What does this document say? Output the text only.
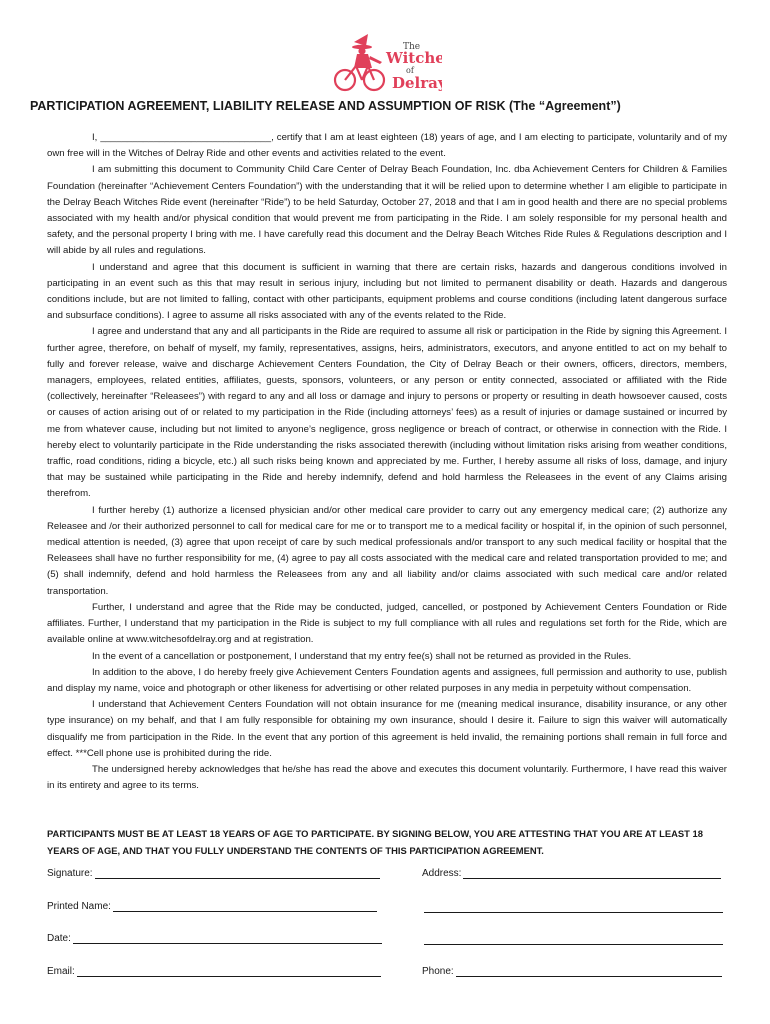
The
Witche
of
Delray
PARTICIPATION AGREEMENT, LIABILITY RELEASE AND ASSUMPTION OF RISK (The “Agreement”)

I, ________________________________, certify that I am at least eighteen (18) years of age, and I am electing to participate, voluntarily and of my own free will in the Witches of Delray Ride and other events and activities related to the event.

I am submitting this document to Community Child Care Center of Delray Beach Foundation, Inc. dba Achievement Centers for Children & Families Foundation (hereinafter “Achievement Centers Foundation”) with the understanding that it will be relied upon to determine whether I am eligible to participate in the Delray Beach Witches Ride event (hereinafter “Ride”) to be held Saturday, October 27, 2018 and that I am in good health and there are no special problems associated with my health and/or physical condition that would prevent me from participating in the Ride. I am solely responsible for my personal health and safety, and the personal property I bring with me. I have carefully read this document and the Delray Beach Witches Ride Rules & Regulations description and I will abide by all rules and regulations.

I understand and agree that this document is sufficient in warning that there are certain risks, hazards and dangerous conditions involved in participating in an event such as this that may result in serious injury, including but not limited to permanent disability or death. Hazards and dangerous conditions include, but are not limited to falling, contact with other participants, equipment problems and course conditions (including latent dangerous surface and subsurface conditions). I agree to assume all risks associated with any of the events related to the Ride.

I agree and understand that any and all participants in the Ride are required to assume all risk or participation in the Ride by signing this Agreement. I further agree, therefore, on behalf of myself, my family, representatives, assigns, heirs, administrators, executors, and anyone entitled to act on my behalf to fully and forever release, waive and discharge Achievement Centers Foundation, the City of Delray Beach or their owners, officers, directors, members, managers, employees, related entities, affiliates, guests, sponsors, volunteers, or any person or entity connected, associated or affiliated with the Ride (collectively, hereinafter “Releasees”) with regard to any and all loss or damage and injury to persons or property or resulting in death howsoever caused, costs or causes of action arising out of or related to my participation in the Ride (including attorneys’ fees) as a result of injuries or damage sustained or incurred by me from whatever cause, including but not limited to anyone’s negligence, gross negligence or breach of contract, or otherwise in connection with the Ride. I hereby elect to voluntarily participate in the Ride understanding the risks associated therewith (including without limitation risks arising from weather conditions, traffic, road conditions, riding a bicycle, etc.) all such risks being known and appreciated by me. Further, I hereby assume all risks of loss, damage, and injury that may be sustained while participating in the Ride and hereby indemnify, defend and hold harmless the Releasees in the event of any Claims arising therefrom.

I further hereby (1) authorize a licensed physician and/or other medical care provider to carry out any emergency medical care; (2) authorize any Releasee and /or their authorized personnel to call for medical care for me or to transport me to a medical facility or hospital if, in the opinion of such personnel, medical attention is needed, (3) agree that upon receipt of care by such medical professionals and/or transport to any such medical facility or hospital that the Releasees shall have no further responsibility for me, (4) agree to pay all costs associated with the medical care and related transportation provided to me; and (5) shall indemnify, defend and hold harmless the Releasees from any and all liability and/or claims associated with such medical care and/or related transportation.

Further, I understand and agree that the Ride may be conducted, judged, cancelled, or postponed by Achievement Centers Foundation or Ride affiliates. Further, I understand that my participation in the Ride is subject to my full compliance with all rules and regulations set forth for the Ride, which are available online at www.witchesofdelray.org and at registration.

In the event of a cancellation or postponement, I understand that my entry fee(s) shall not be returned as provided in the Rules.

In addition to the above, I do hereby freely give Achievement Centers Foundation agents and assignees, full permission and authority to use, publish and display my name, voice and photograph or other likeness for advertising or other related purposes in any media in perpetuity without compensation.

I understand that Achievement Centers Foundation will not obtain insurance for me (meaning medical insurance, disability insurance, or any other type insurance) on my behalf, and that I am fully responsible for obtaining my own insurance, should I desire it. Failure to sign this waiver will automatically disqualify me from participation in the Ride. In the event that any portion of this agreement is held invalid, the remaining portions shall remain in full force and effect. ***Cell phone use is prohibited during the ride.

The undersigned hereby acknowledges that he/she has read the above and executes this document voluntarily. Furthermore, I have read this waiver in its entirety and agree to its terms.

PARTICIPANTS MUST BE AT LEAST 18 YEARS OF AGE TO PARTICIPATE. BY SIGNING BELOW, YOU ARE ATTESTING THAT YOU ARE AT LEAST 18 YEARS OF AGE, AND THAT YOU FULLY UNDERSTAND THE CONTENTS OF THIS PARTICIPATION AGREEMENT.

Signature:	Address:
Printed Name:
Date:
Email:	Phone:
